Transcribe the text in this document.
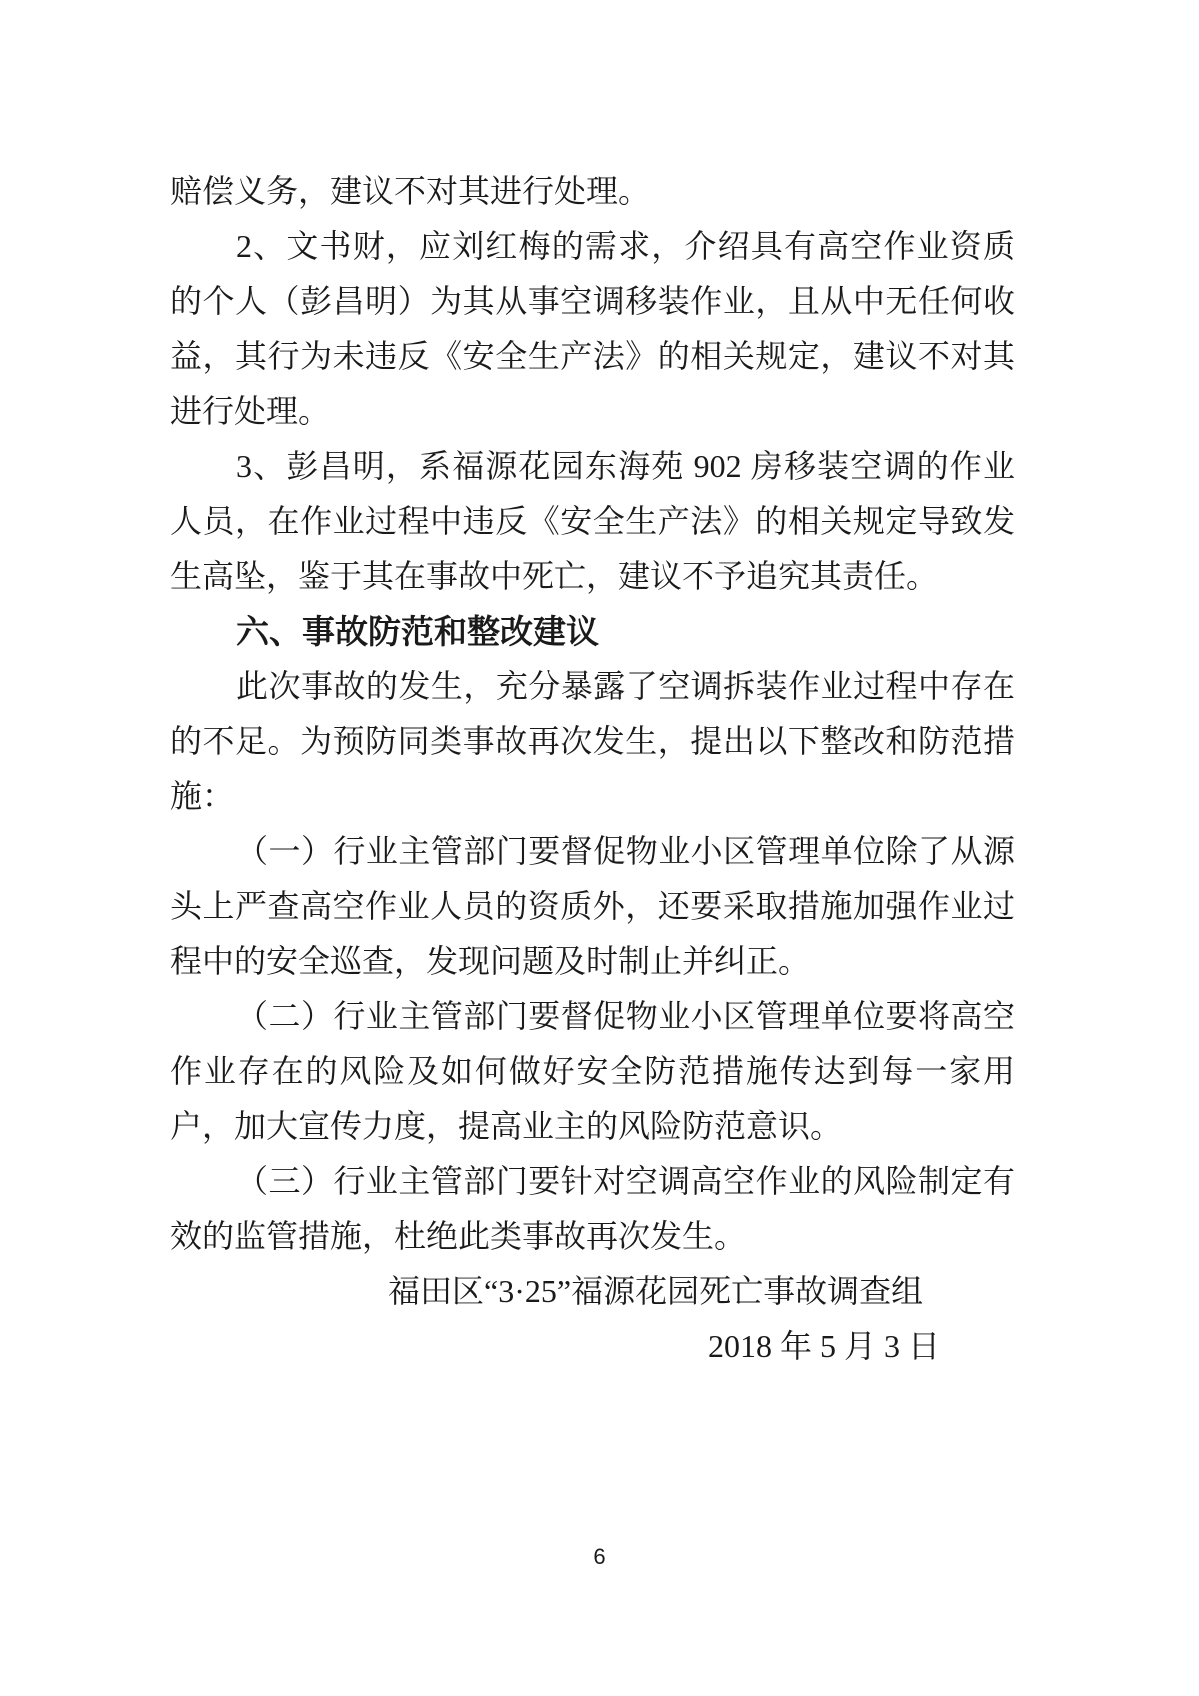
赔偿义务，建议不对其进行处理。
2、文书财，应刘红梅的需求，介绍具有高空作业资质
的个人（彭昌明）为其从事空调移装作业，且从中无任何收
益，其行为未违反《安全生产法》的相关规定，建议不对其
进行处理。
3、彭昌明，系福源花园东海苑 902 房移装空调的作业
人员，在作业过程中违反《安全生产法》的相关规定导致发
生高坠，鉴于其在事故中死亡，建议不予追究其责任。
六、事故防范和整改建议
此次事故的发生，充分暴露了空调拆装作业过程中存在
的不足。为预防同类事故再次发生，提出以下整改和防范措
施：
（一）行业主管部门要督促物业小区管理单位除了从源
头上严查高空作业人员的资质外，还要采取措施加强作业过
程中的安全巡查，发现问题及时制止并纠正。
（二）行业主管部门要督促物业小区管理单位要将高空
作业存在的风险及如何做好安全防范措施传达到每一家用
户，加大宣传力度，提高业主的风险防范意识。
（三）行业主管部门要针对空调高空作业的风险制定有
效的监管措施，杜绝此类事故再次发生。
福田区“3·25”福源花园死亡事故调查组
2018 年 5 月 3 日
6
